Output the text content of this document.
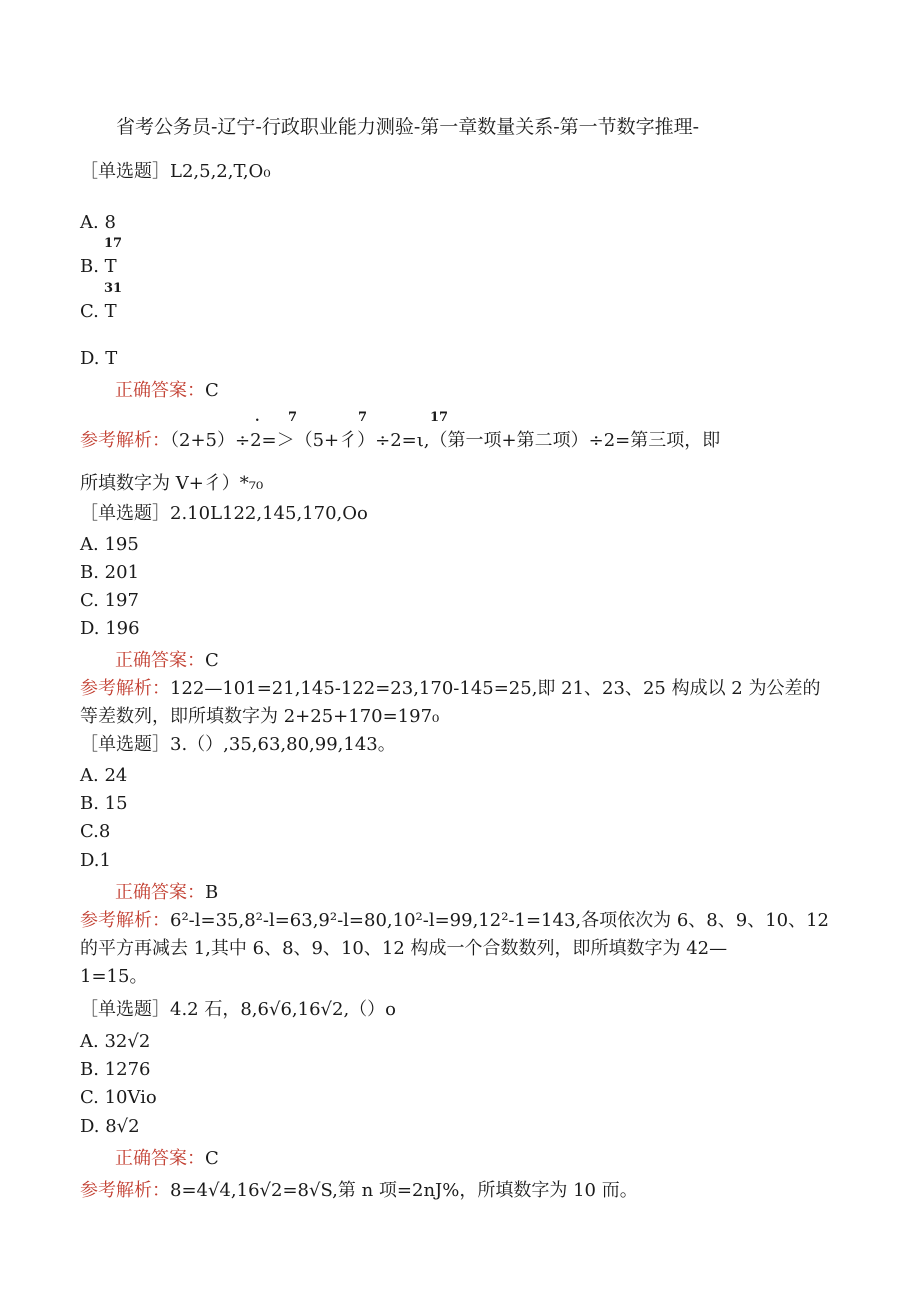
省考公务员-辽宁-行政职业能力测验-第一章数量关系-第一节数字推理-
［单选题］L2,5,2,T,O₀
A. 8
17
B. T
31
C. T
D. T
正确答案：C
. 7	7	17
参考解析：（2+5）÷2=＞（5+彳）÷2=ι,（第一项+第二项）÷2=第三项，即
所填数字为 V+彳）*₇₀
［单选题］2.10L122,145,170,Oo
A. 195
B. 201
C. 197
D. 196
正确答案：C
参考解析：122—101=21,145-122=23,170-145=25,即 21、23、25 构成以 2 为公差的
等差数列，即所填数字为 2+25+170=197₀
［单选题］3.（）,35,63,80,99,143。
A. 24
B. 15
C.8
D.1
正确答案：B
参考解析：6²-l=35,8²-l=63,9²-l=80,10²-l=99,12²-1=143,各项依次为 6、8、9、10、12
的平方再减去 1,其中 6、8、9、10、12 构成一个合数数列，即所填数字为 42—
1=15。
［单选题］4.2 石，8,6√6,16√2,（）o
A. 32√2
B. 1276
C. 10Vio
D. 8√2
正确答案：C
参考解析：8=4√4,16√2=8√S,第 n 项=2nJ%，所填数字为 10 而。
